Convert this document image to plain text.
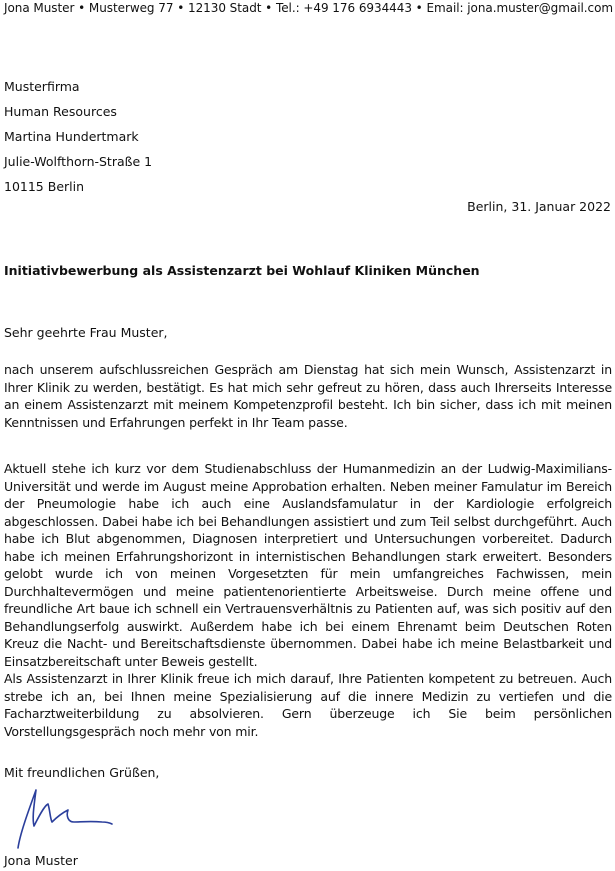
Jona Muster • Musterweg 77 • 12130 Stadt • Tel.: +49 176 6934443 • Email: jona.muster@gmail.com
Musterfirma
Human Resources
Martina Hundertmark
Julie-Wolfthorn-Straße 1
10115 Berlin
Berlin, 31. Januar 2022
Initiativbewerbung als Assistenzarzt bei Wohlauf Kliniken München
Sehr geehrte Frau Muster,
nach unserem aufschlussreichen Gespräch am Dienstag hat sich mein Wunsch, Assistenzarzt in Ihrer Klinik zu werden, bestätigt. Es hat mich sehr gefreut zu hören, dass auch Ihrerseits Interesse an einem Assistenzarzt mit meinem Kompetenzprofil besteht. Ich bin sicher, dass ich mit meinen Kenntnissen und Erfahrungen perfekt in Ihr Team passe.
Aktuell stehe ich kurz vor dem Studienabschluss der Humanmedizin an der Ludwig-Maximilians-Universität und werde im August meine Approbation erhalten. Neben meiner Famulatur im Bereich der Pneumologie habe ich auch eine Auslandsfamulatur in der Kardiologie erfolgreich abgeschlossen. Dabei habe ich bei Behandlungen assistiert und zum Teil selbst durchgeführt. Auch habe ich Blut abgenommen, Diagnosen interpretiert und Untersuchungen vorbereitet. Dadurch habe ich meinen Erfahrungshorizont in internistischen Behandlungen stark erweitert. Besonders gelobt wurde ich von meinen Vorgesetzten für mein umfangreiches Fachwissen, mein Durchhaltevermögen und meine patientenorientierte Arbeitsweise. Durch meine offene und freundliche Art baue ich schnell ein Vertrauensverhältnis zu Patienten auf, was sich positiv auf den Behandlungserfolg auswirkt. Außerdem habe ich bei einem Ehrenamt beim Deutschen Roten Kreuz die Nacht- und Bereitschaftsdienste übernommen. Dabei habe ich meine Belastbarkeit und Einsatzbereitschaft unter Beweis gestellt.
Als Assistenzarzt in Ihrer Klinik freue ich mich darauf, Ihre Patienten kompetent zu betreuen. Auch strebe ich an, bei Ihnen meine Spezialisierung auf die innere Medizin zu vertiefen und die Facharztweiterbildung zu absolvieren. Gern überzeuge ich Sie beim persönlichen Vorstellungsgespräch noch mehr von mir.
Mit freundlichen Grüßen,
Jona Muster
